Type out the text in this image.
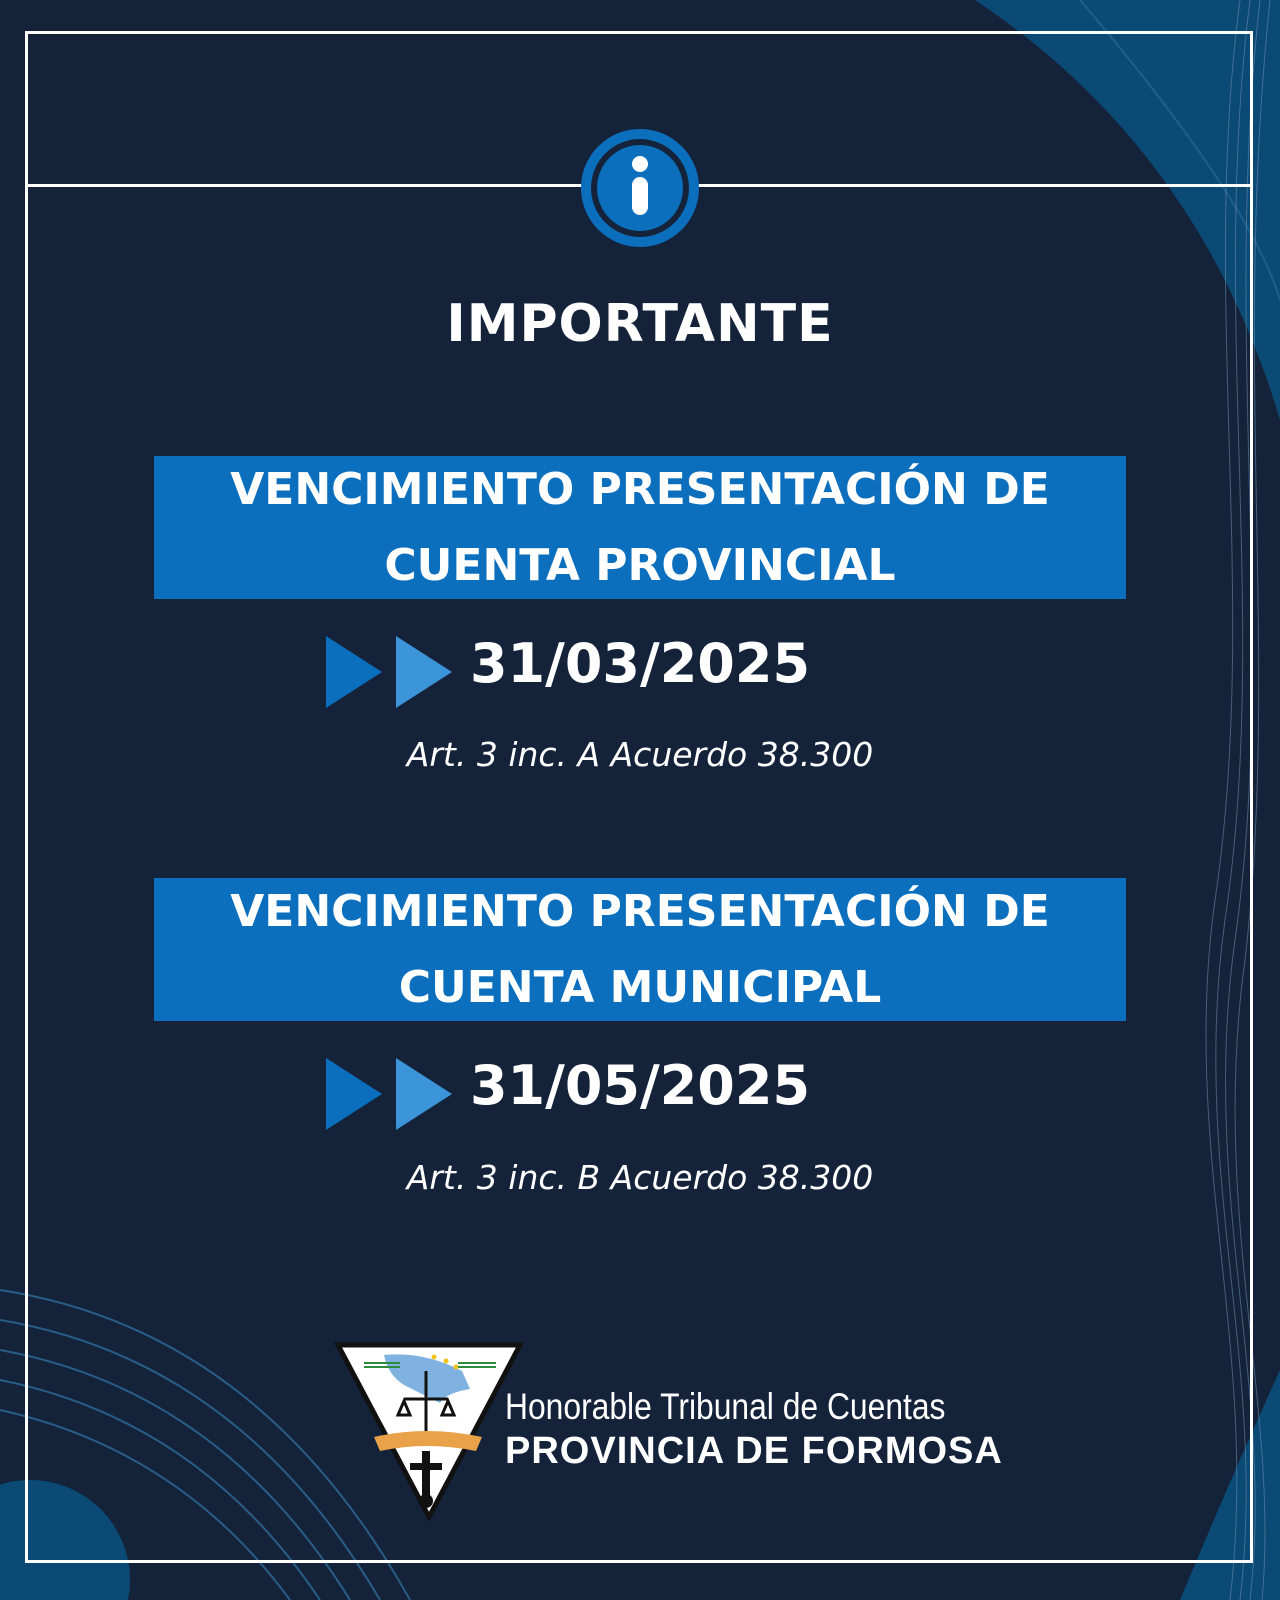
IMPORTANTE
VENCIMIENTO PRESENTACIÓN DE
CUENTA PROVINCIAL
31/03/2025
Art. 3 inc. A Acuerdo 38.300
VENCIMIENTO PRESENTACIÓN DE
CUENTA MUNICIPAL
31/05/2025
Art. 3 inc. B Acuerdo 38.300
Honorable Tribunal de Cuentas
PROVINCIA DE FORMOSA
